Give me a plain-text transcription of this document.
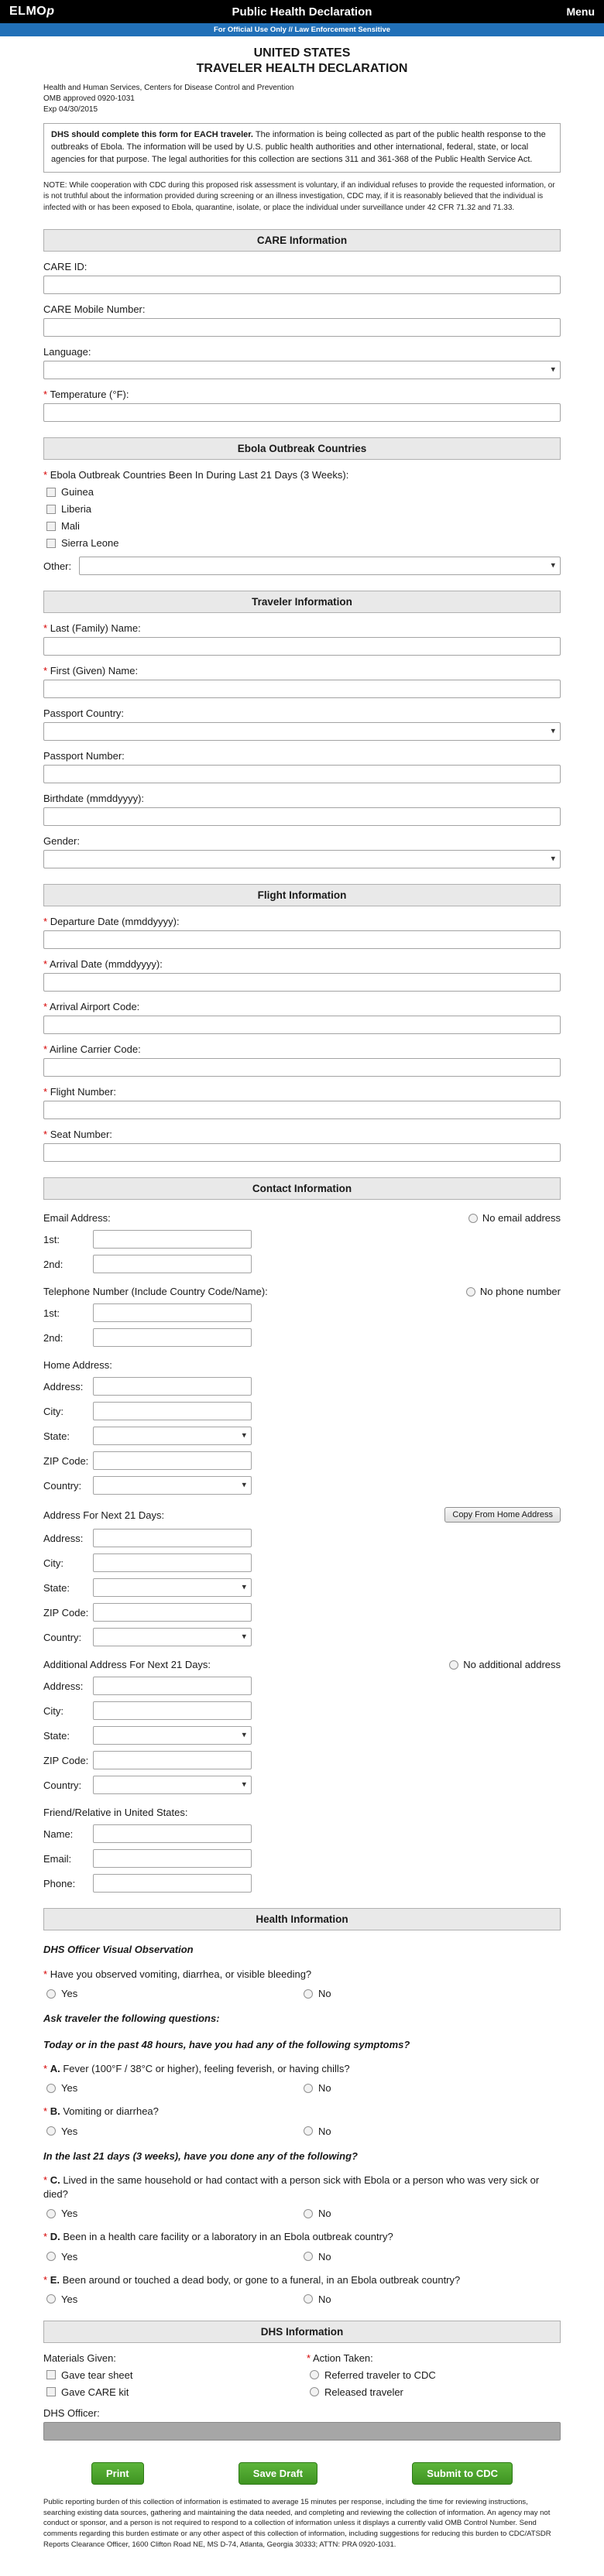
ELMOp	Public Health Declaration	Menu
For Official Use Only // Law Enforcement Sensitive
UNITED STATES
TRAVELER HEALTH DECLARATION
Health and Human Services, Centers for Disease Control and Prevention
OMB approved 0920-1031
Exp 04/30/2015

DHS should complete this form for EACH traveler. The information is being collected as part of the public health response to the outbreaks of Ebola. The information will be used by U.S. public health authorities and other international, federal, state, or local agencies for that purpose. The legal authorities for this collection are sections 311 and 361-368 of the Public Health Service Act.

NOTE: While cooperation with CDC during this proposed risk assessment is voluntary, if an individual refuses to provide the requested information, or is not truthful about the information provided during screening or an illness investigation, CDC may, if it is reasonably believed that the individual is infected with or has been exposed to Ebola, quarantine, isolate, or place the individual under surveillance under 42 CFR 71.32 and 71.33.

CARE Information
CARE ID:
CARE Mobile Number:
Language:
▾
* Temperature (°F):
Ebola Outbreak Countries
* Ebola Outbreak Countries Been In During Last 21 Days (3 Weeks):
Guinea
Liberia
Mali
Sierra Leone
Other:	▾
Traveler Information
* Last (Family) Name:
* First (Given) Name:
Passport Country:
▾
Passport Number:
Birthdate (mmddyyyy):
Gender:
▾
Flight Information
* Departure Date (mmddyyyy):
* Arrival Date (mmddyyyy):
* Arrival Airport Code:
* Airline Carrier Code:
* Flight Number:
* Seat Number:
Contact Information
Email Address:	No email address
1st:
2nd:
Telephone Number (Include Country Code/Name):	No phone number
1st:
2nd:
Home Address:
Address:
City:
State:	▾
ZIP Code:
Country:	▾
Address For Next 21 Days:	Copy From Home Address
Address:
City:
State:	▾
ZIP Code:
Country:	▾
Additional Address For Next 21 Days:	No additional address
Address:
City:
State:	▾
ZIP Code:
Country:	▾
Friend/Relative in United States:
Name:
Email:
Phone:
Health Information
DHS Officer Visual Observation
* Have you observed vomiting, diarrhea, or visible bleeding?
Yes	No
Ask traveler the following questions:
Today or in the past 48 hours, have you had any of the following symptoms?
* A. Fever (100°F / 38°C or higher), feeling feverish, or having chills?
Yes	No
* B. Vomiting or diarrhea?
Yes	No
In the last 21 days (3 weeks), have you done any of the following?
* C. Lived in the same household or had contact with a person sick with Ebola or a person who was very sick or died?
Yes	No
* D. Been in a health care facility or a laboratory in an Ebola outbreak country?
Yes	No
* E. Been around or touched a dead body, or gone to a funeral, in an Ebola outbreak country?
Yes	No
DHS Information
Materials Given:
Gave tear sheet
Gave CARE kit
* Action Taken:
Referred traveler to CDC
Released traveler
DHS Officer:
Print	Save Draft	Submit to CDC

Public reporting burden of this collection of information is estimated to average 15 minutes per response, including the time for reviewing instructions, searching existing data sources, gathering and maintaining the data needed, and completing and reviewing the collection of information. An agency may not conduct or sponsor, and a person is not required to respond to a collection of information unless it displays a currently valid OMB Control Number. Send comments regarding this burden estimate or any other aspect of this collection of information, including suggestions for reducing this burden to CDC/ATSDR Reports Clearance Officer, 1600 Clifton Road NE, MS D-74, Atlanta, Georgia 30333; ATTN: PRA 0920-1031.
